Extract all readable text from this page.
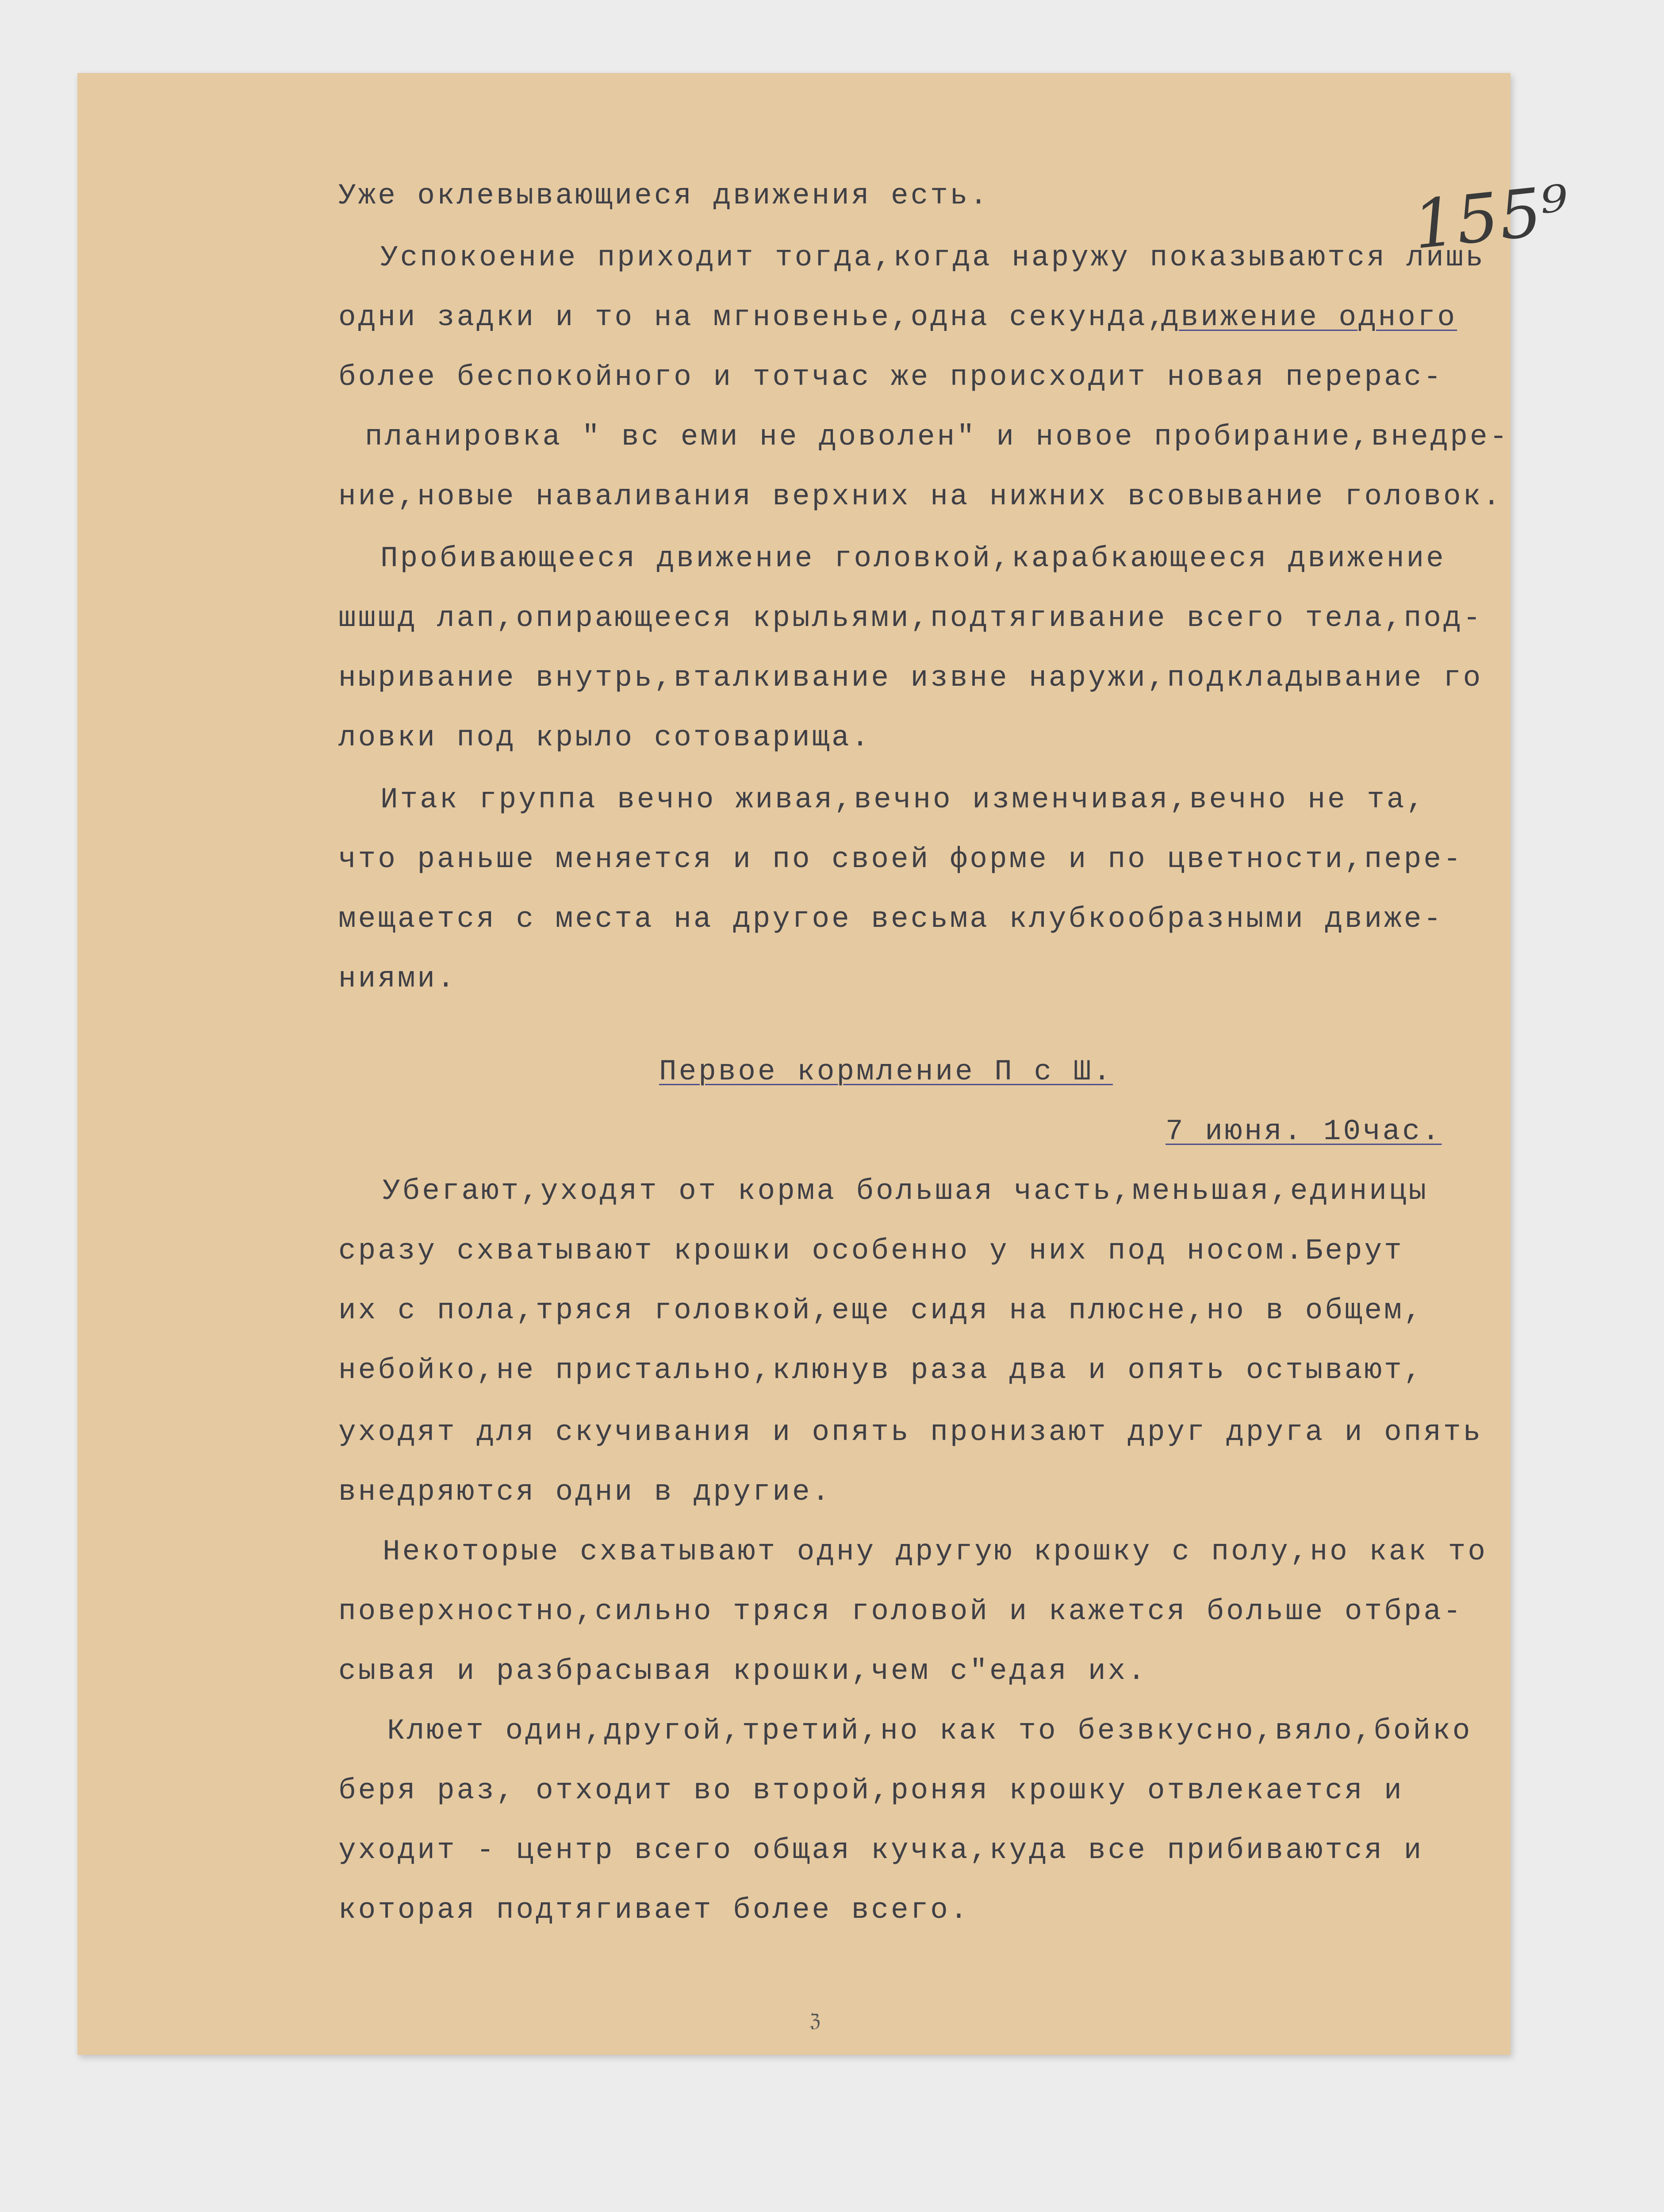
155⁹

Уже оклевывающиеся движения есть.

Успокоение приходит тогда,когда наружу показываются лишь

одни задки и то на мгновенье,одна секунда,

движение одного

более беспокойного и тотчас же происходит новая перерас-

планировка " вс еми не доволен" и новое пробирание,внедре-

ние,новые наваливания верхних на нижних всовывание головок.

Пробивающееся движение головкой,карабкающееся движение

шшшд лап,опирающееся крыльями,подтягивание всего тела,под-

ныривание внутрь,вталкивание извне наружи,подкладывание го

ловки под крыло сотоварища.

Итак группа вечно живая,вечно изменчивая,вечно не та,

что раньше меняется и по своей форме и по цветности,пере-

мещается с места на другое весьма клубкообразными движе-

ниями.

Первое кормление П с Ш.

7 июня. 10час.

Убегают,уходят от корма большая часть,меньшая,единицы

сразу схватывают крошки особенно у них под носом.Берут

их с пола,тряся головкой,еще сидя на плюсне,но в общем,

небойко,не пристально,клюнув раза два и опять остывают,

уходят для скучивания и опять пронизают друг друга и опять

внедряются одни в другие.

Некоторые схватывают одну другую крошку с полу,но как то

поверхностно,сильно тряся головой и кажется больше отбра-

сывая и разбрасывая крошки,чем с"едая их.

Клюет один,другой,третий,но как то безвкусно,вяло,бойко

беря раз, отходит во второй,роняя крошку отвлекается и

уходит - центр всего общая кучка,куда все прибиваются и

которая подтягивает более всего.

ℨ
